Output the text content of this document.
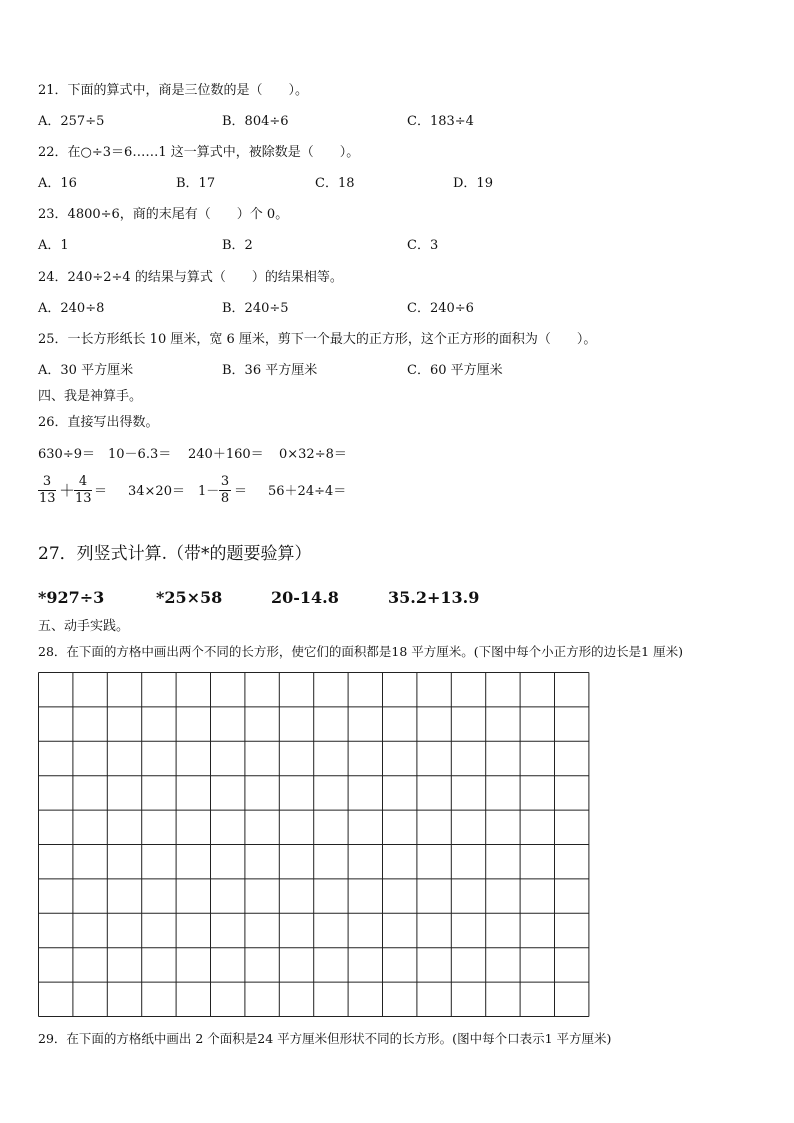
21．下面的算式中，商是三位数的是（　　）。
A．257÷5	B．804÷6	C．183÷4
22．在○÷3＝6……1 这一算式中，被除数是（　　）。
A．16	B．17	C．18	D．19
23．4800÷6，商的末尾有（　　）个 0。
A．1	B．2	C．3
24．240÷2÷4 的结果与算式（　　）的结果相等。
A．240÷8	B．240÷5	C．240÷6
25．一长方形纸长 10 厘米，宽 6 厘米，剪下一个最大的正方形，这个正方形的面积为（　　）。
A．30 平方厘米	B．36 平方厘米	C．60 平方厘米
四、我是神算手。
26．直接写出得数。
630÷9＝ 10－6.3＝ 240＋160＝ 0×32÷8＝
$\frac{3}{13}$ ＋
$\frac{4}{13} = 34\times 20= 1- \frac{3}{8} = 56+24\div 4=$
27．列竖式计算.（带*的题要验算）
*927÷3	*25×58	20-14.8	35.2+13.9
五、动手实践。
28．在下面的方格中画出两个不同的长方形，使它们的面积都是18 平方厘米。(下图中每个小正方形的边长是1 厘米)
29．在下面的方格纸中画出 2 个面积是24 平方厘米但形状不同的长方形。(图中每个口表示1 平方厘米)
